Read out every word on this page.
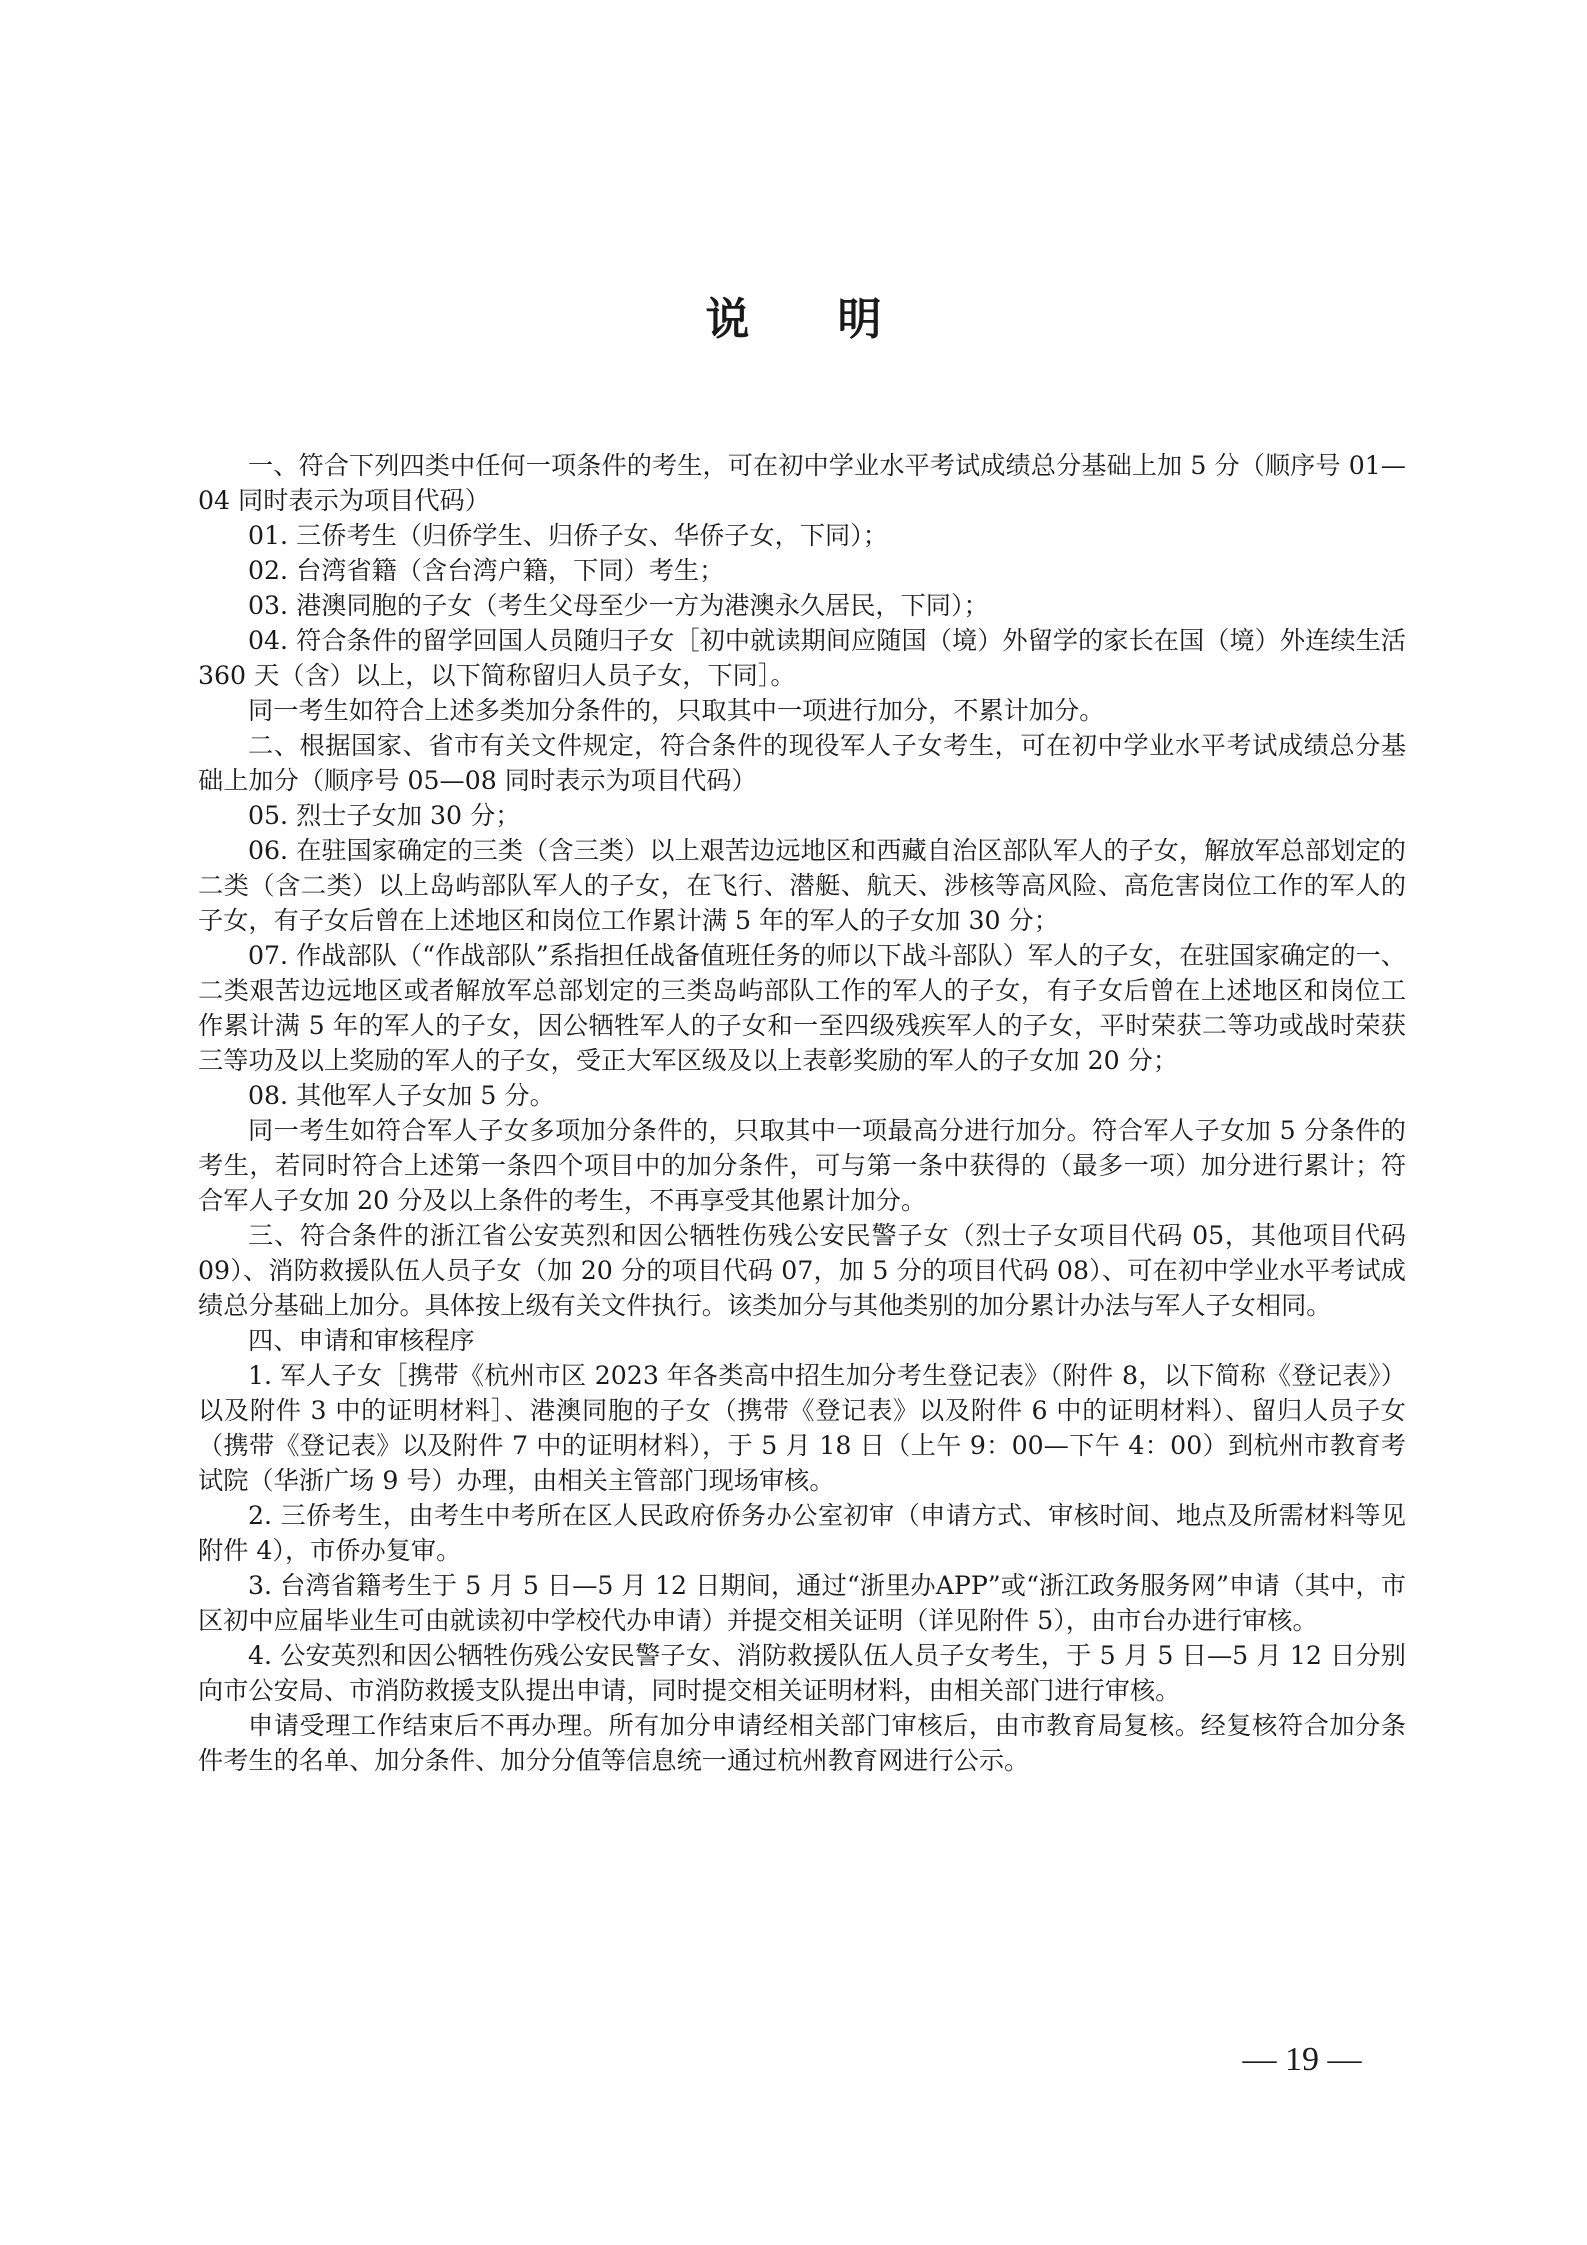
说明

一、符合下列四类中任何一项条件的考生，可在初中学业水平考试成绩总分基础上加 5 分（顺序号 01—04 同时表示为项目代码）

01. 三侨考生（归侨学生、归侨子女、华侨子女，下同）；

02. 台湾省籍（含台湾户籍，下同）考生；

03. 港澳同胞的子女（考生父母至少一方为港澳永久居民，下同）；

04. 符合条件的留学回国人员随归子女［初中就读期间应随国（境）外留学的家长在国（境）外连续生活 360 天（含）以上，以下简称留归人员子女，下同］。

同一考生如符合上述多类加分条件的，只取其中一项进行加分，不累计加分。

二、根据国家、省市有关文件规定，符合条件的现役军人子女考生，可在初中学业水平考试成绩总分基础上加分（顺序号 05—08 同时表示为项目代码）

05. 烈士子女加 30 分；

06. 在驻国家确定的三类（含三类）以上艰苦边远地区和西藏自治区部队军人的子女，解放军总部划定的二类（含二类）以上岛屿部队军人的子女，在飞行、潜艇、航天、涉核等高风险、高危害岗位工作的军人的子女，有子女后曾在上述地区和岗位工作累计满 5 年的军人的子女加 30 分；

07. 作战部队（“作战部队”系指担任战备值班任务的师以下战斗部队）军人的子女，在驻国家确定的一、二类艰苦边远地区或者解放军总部划定的三类岛屿部队工作的军人的子女，有子女后曾在上述地区和岗位工作累计满 5 年的军人的子女，因公牺牲军人的子女和一至四级残疾军人的子女，平时荣获二等功或战时荣获三等功及以上奖励的军人的子女，受正大军区级及以上表彰奖励的军人的子女加 20 分；

08. 其他军人子女加 5 分。

同一考生如符合军人子女多项加分条件的，只取其中一项最高分进行加分。符合军人子女加 5 分条件的考生，若同时符合上述第一条四个项目中的加分条件，可与第一条中获得的（最多一项）加分进行累计；符合军人子女加 20 分及以上条件的考生，不再享受其他累计加分。

三、符合条件的浙江省公安英烈和因公牺牲伤残公安民警子女（烈士子女项目代码 05，其他项目代码 09）、消防救援队伍人员子女（加 20 分的项目代码 07，加 5 分的项目代码 08）、可在初中学业水平考试成绩总分基础上加分。具体按上级有关文件执行。该类加分与其他类别的加分累计办法与军人子女相同。

四、申请和审核程序

1. 军人子女［携带《杭州市区 2023 年各类高中招生加分考生登记表》（附件 8，以下简称《登记表》）以及附件 3 中的证明材料］、港澳同胞的子女（携带《登记表》以及附件 6 中的证明材料）、留归人员子女（携带《登记表》以及附件 7 中的证明材料），于 5 月 18 日（上午 9：00—下午 4：00）到杭州市教育考试院（华浙广场 9 号）办理，由相关主管部门现场审核。

2. 三侨考生，由考生中考所在区人民政府侨务办公室初审（申请方式、审核时间、地点及所需材料等见附件 4），市侨办复审。

3. 台湾省籍考生于 5 月 5 日—5 月 12 日期间，通过“浙里办APP”或“浙江政务服务网”申请（其中，市区初中应届毕业生可由就读初中学校代办申请）并提交相关证明（详见附件 5），由市台办进行审核。

4. 公安英烈和因公牺牲伤残公安民警子女、消防救援队伍人员子女考生，于 5 月 5 日—5 月 12 日分别向市公安局、市消防救援支队提出申请，同时提交相关证明材料，由相关部门进行审核。

申请受理工作结束后不再办理。所有加分申请经相关部门审核后，由市教育局复核。经复核符合加分条件考生的名单、加分条件、加分分值等信息统一通过杭州教育网进行公示。

— 19 —
